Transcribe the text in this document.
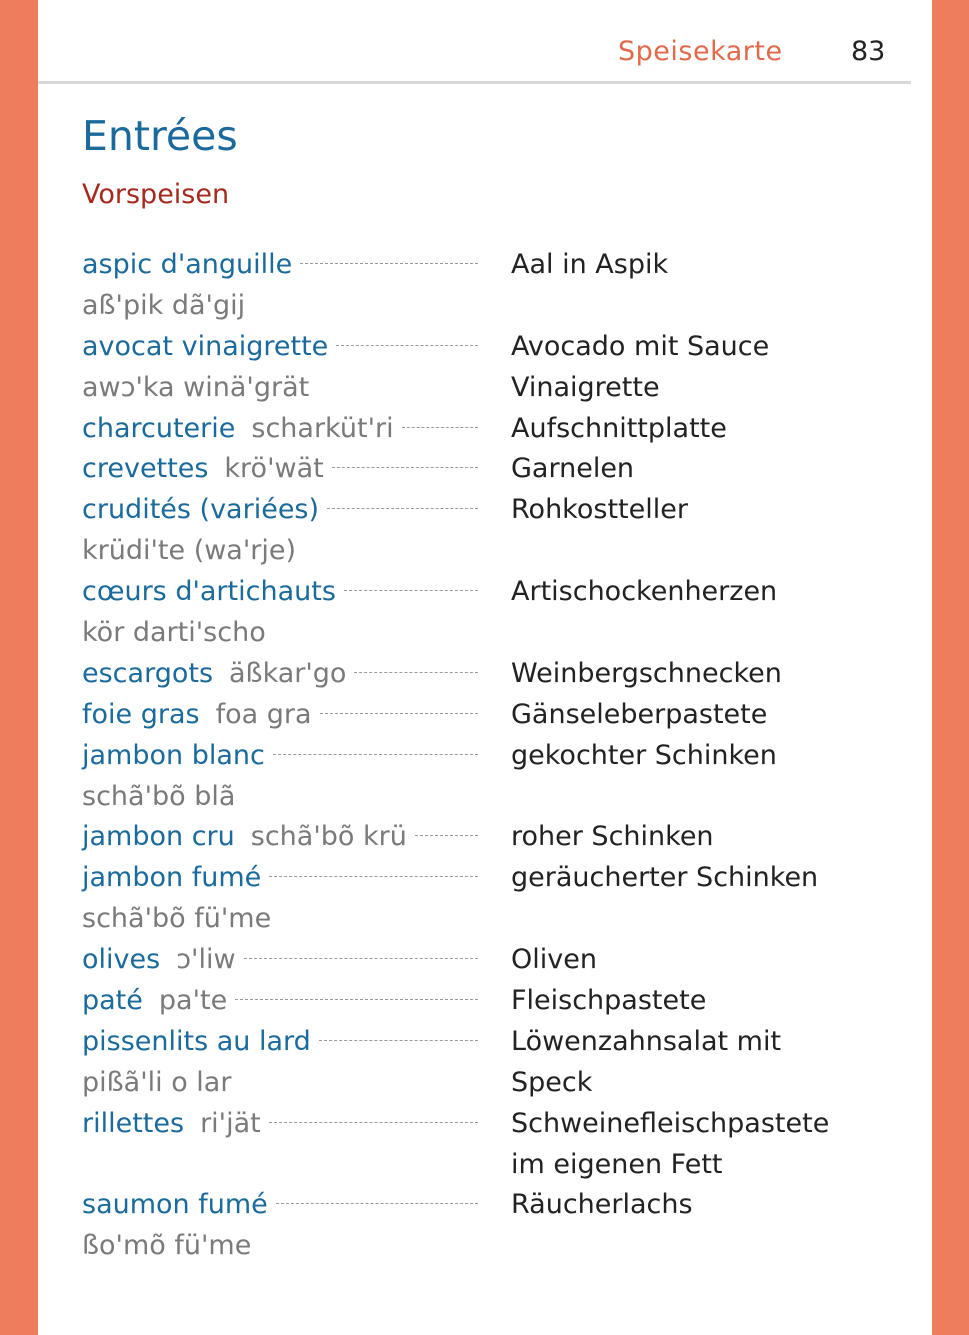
Speisekarte	83
Entrées
Vorspeisen
aspic d'anguille	Aal in Aspik
aß'pik dã'gij
avocat vinaigrette	Avocado mit Sauce
awɔ'ka winä'grät	Vinaigrette
charcuterie scharküt'ri	Aufschnittplatte
crevettes krö'wät	Garnelen
crudités (variées)	Rohkostteller
krüdi'te (wa'rje)
cœurs d'artichauts	Artischockenherzen
kör darti'scho
escargots äßkar'go	Weinbergschnecken
foie gras foa gra	Gänseleberpastete
jambon blanc	gekochter Schinken
schã'bõ blã
jambon cru schã'bõ krü	roher Schinken
jambon fumé	geräucherter Schinken
schã'bõ fü'me
olives ɔ'liw	Oliven
paté pa'te	Fleischpastete
pissenlits au lard	Löwenzahnsalat mit
pißã'li o lar	Speck
rillettes ri'jät	Schweinefleischpastete
im eigenen Fett
saumon fumé	Räucherlachs
ßo'mõ fü'me
